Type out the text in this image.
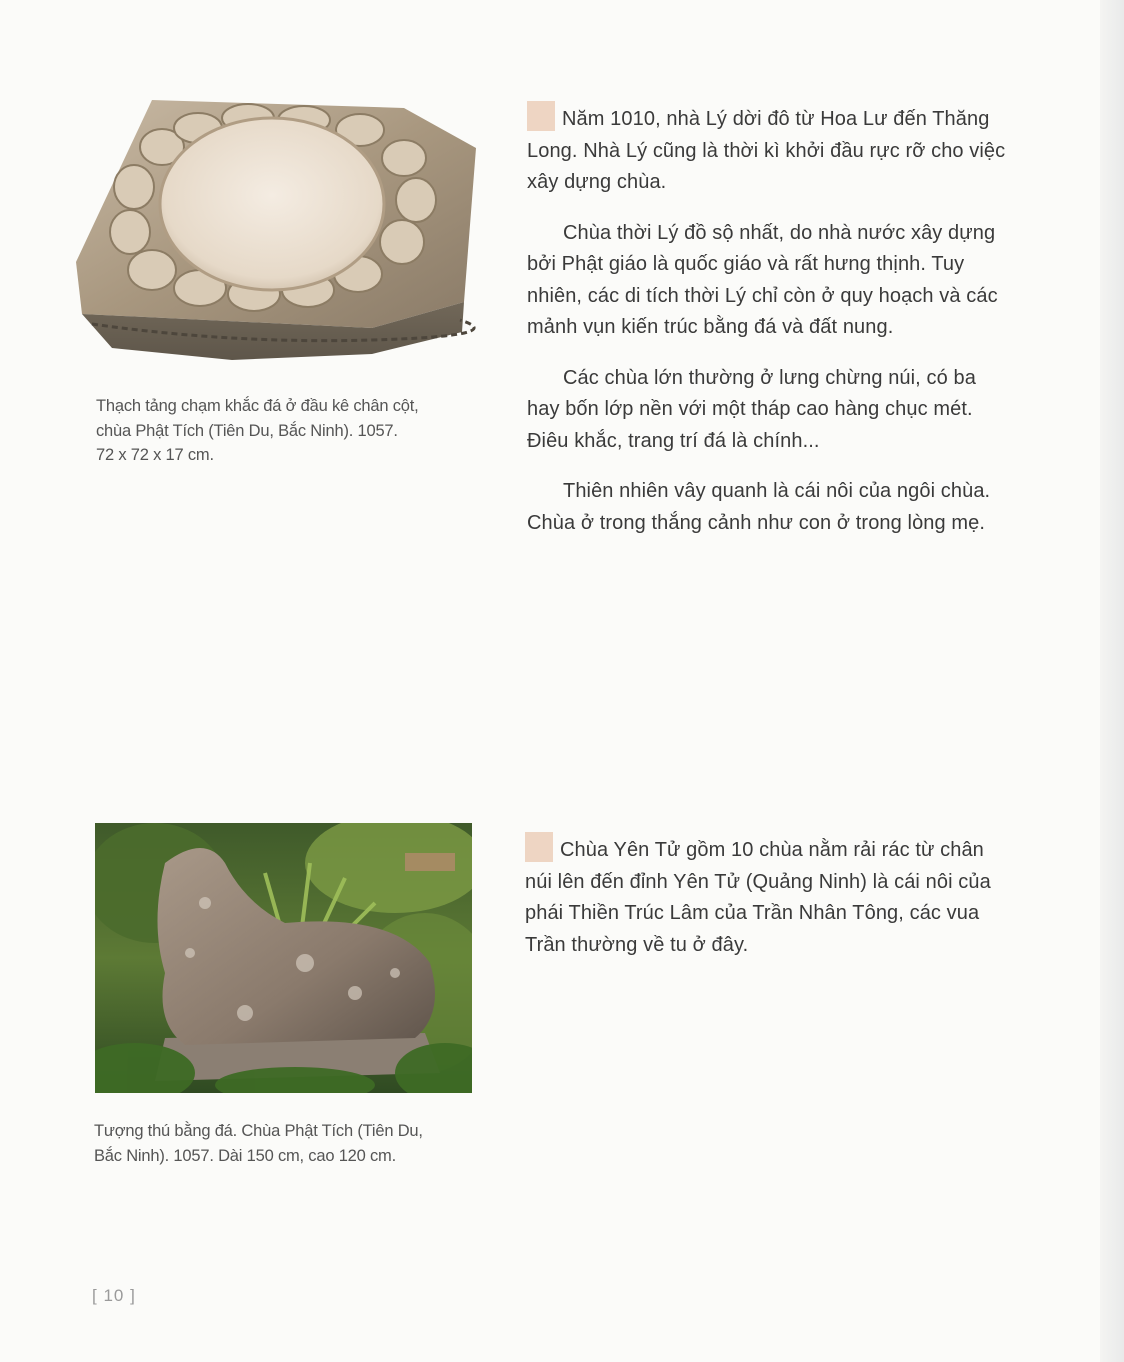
Thạch tảng chạm khắc đá ở đầu kê chân cột,
chùa Phật Tích (Tiên Du, Bắc Ninh). 1057.
72 x 72 x 17 cm.

Năm 1010, nhà Lý dời đô từ Hoa Lư đến Thăng
Long. Nhà Lý cũng là thời kì khởi đầu rực rỡ cho việc
xây dựng chùa.

Chùa thời Lý đồ sộ nhất, do nhà nước xây dựng
bởi Phật giáo là quốc giáo và rất hưng thịnh. Tuy
nhiên, các di tích thời Lý chỉ còn ở quy hoạch và các
mảnh vụn kiến trúc bằng đá và đất nung.

Các chùa lớn thường ở lưng chừng núi, có ba
hay bốn lớp nền với một tháp cao hàng chục mét.
Điêu khắc, trang trí đá là chính...

Thiên nhiên vây quanh là cái nôi của ngôi chùa.
Chùa ở trong thắng cảnh như con ở trong lòng mẹ.

Tượng thú bằng đá. Chùa Phật Tích (Tiên Du,
Bắc Ninh). 1057. Dài 150 cm, cao 120 cm.

Chùa Yên Tử gồm 10 chùa nằm rải rác từ chân
núi lên đến đỉnh Yên Tử (Quảng Ninh) là cái nôi của
phái Thiền Trúc Lâm của Trần Nhân Tông, các vua
Trần thường về tu ở đây.

[ 10 ]
